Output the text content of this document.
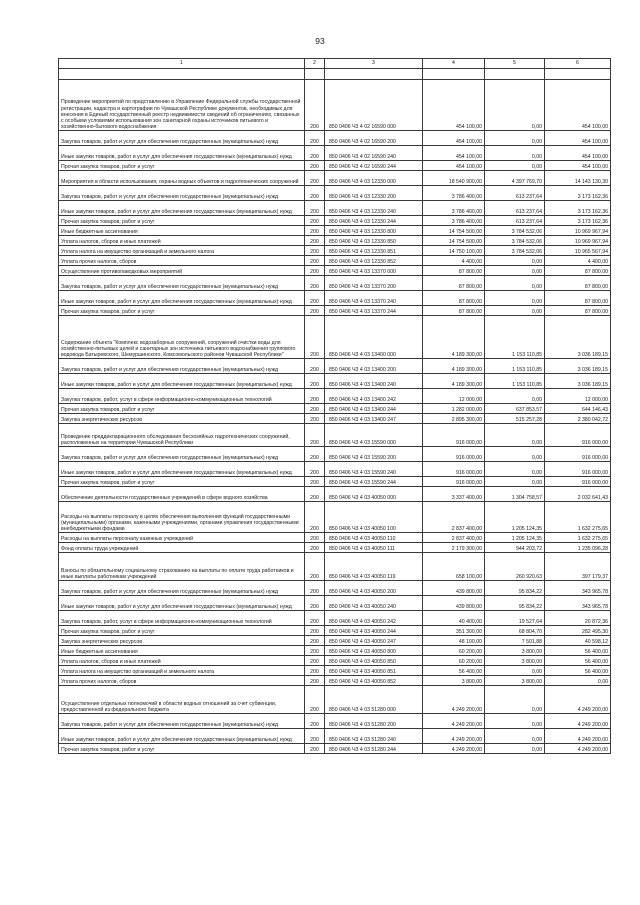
93
1	2	3	4	5	6

Проведение мероприятий по представлению в Управление Федеральной службы государственной регистрации, кадастра и картографии по Чувашской Республике документов, необходимых для внесения в Единый государственный реестр недвижимости сведений об ограничениях, связанных с особыми условиями использования зон санитарной охраны источников питьевого и хозяйственно-бытового водоснабжения	200	850 0406 Ч3 4 02 16590 000	454 100,00	0,00	454 100,00
Закупка товаров, работ и услуг для обеспечения государственных (муниципальных) нужд	200	850 0406 Ч3 4 02 16590 200	454 100,00	0,00	454 100,00
Иные закупки товаров, работ и услуг для обеспечения государственных (муниципальных) нужд	200	850 0406 Ч3 4 02 16590 240	454 100,00	0,00	454 100,00
Прочая закупка товаров, работ и услуг	200	850 0406 Ч3 4 02 16590 244	454 100,00	0,00	454 100,00
Мероприятия в области использования, охраны водных объектов и гидротехнических сооружений	200	850 0406 Ч3 4 03 12330 000	18 540 900,00	4 397 769,70	14 143 130,30
Закупка товаров, работ и услуг для обеспечения государственных (муниципальных) нужд	200	850 0406 Ч3 4 03 12330 200	3 786 400,00	613 237,64	3 173 162,36
Иные закупки товаров, работ и услуг для обеспечения государственных (муниципальных) нужд	200	850 0406 Ч3 4 03 12330 240	3 786 400,00	613 237,64	3 173 162,36
Прочая закупка товаров, работ и услуг	200	850 0406 Ч3 4 03 12330 244	3 786 400,00	613 237,64	3 173 162,36
Иные бюджетные ассигнования	200	850 0406 Ч3 4 03 12330 800	14 754 500,00	3 784 532,06	10 969 967,94
Уплата налогов, сборов и иных платежей	200	850 0406 Ч3 4 03 12330 850	14 754 500,00	3 784 532,06	10 969 967,94
Уплата налога на имущество организаций и земельного налога	200	850 0406 Ч3 4 03 12330 851	14 750 100,00	3 784 532,06	10 965 567,94
Уплата прочих налогов, сборов	200	850 0406 Ч3 4 03 12330 852	4 400,00	0,00	4 400,00
Осуществление противопаводковых мероприятий	200	850 0406 Ч3 4 03 13370 000	87 800,00	0,00	87 800,00
Закупка товаров, работ и услуг для обеспечения государственных (муниципальных) нужд	200	850 0406 Ч3 4 03 13370 200	87 800,00	0,00	87 800,00
Иные закупки товаров, работ и услуг для обеспечения государственных (муниципальных) нужд	200	850 0406 Ч3 4 03 13370 240	87 800,00	0,00	87 800,00
Прочая закупка товаров, работ и услуг	200	850 0406 Ч3 4 03 13370 244	87 800,00	0,00	87 800,00
Содержание объекта "Комплекс водозаборных сооружений, сооружений очистки воды для хозяйственно-питьевых целей и санитарных зон источника питьевого водоснабжения группового водовода Батыревского, Шемуршинского, Комсомольского районов Чувашской Республики"	200	850 0406 Ч3 4 03 13400 000	4 189 300,00	1 153 110,85	3 036 189,15
Закупка товаров, работ и услуг для обеспечения государственных (муниципальных) нужд	200	850 0406 Ч3 4 03 13400 200	4 189 300,00	1 153 110,85	3 036 189,15
Иные закупки товаров, работ и услуг для обеспечения государственных (муниципальных) нужд	200	850 0406 Ч3 4 03 13400 240	4 189 300,00	1 153 110,85	3 036 189,15
Закупка товаров, работ, услуг в сфере информационно-коммуникационных технологий	200	850 0406 Ч3 4 03 13400 242	12 000,00	0,00	12 000,00
Прочая закупка товаров, работ и услуг	200	850 0406 Ч3 4 03 13400 244	1 282 000,00	637 853,57	644 146,43
Закупка энергетических ресурсов	200	850 0406 Ч3 4 03 13400 247	2 895 300,00	515 257,28	2 380 042,72
Проведение преддекларационного обследования бесхозяйных гидротехнических сооружений, расположенных на территории Чувашской Республики	200	850 0406 Ч3 4 03 15590 000	916 000,00	0,00	916 000,00
Закупка товаров, работ и услуг для обеспечения государственных (муниципальных) нужд	200	850 0406 Ч3 4 03 15590 200	916 000,00	0,00	916 000,00
Иные закупки товаров, работ и услуг для обеспечения государственных (муниципальных) нужд	200	850 0406 Ч3 4 03 15590 240	916 000,00	0,00	916 000,00
Прочая закупка товаров, работ и услуг	200	850 0406 Ч3 4 03 15590 244	916 000,00	0,00	916 000,00
Обеспечение деятельности государственных учреждений в сфере водного хозяйства	200	850 0406 Ч3 4 03 40050 000	3 337 400,00	1 304 758,57	2 032 641,43
Расходы на выплаты персоналу в целях обеспечения выполнения функций государственными (муниципальными) органами, казенными учреждениями, органами управления государственными внебюджетными фондами	200	850 0406 Ч3 4 03 40050 100	2 837 400,00	1 205 124,35	1 632 275,65
Расходы на выплаты персоналу казенных учреждений	200	850 0406 Ч3 4 03 40050 110	2 837 400,00	1 205 124,35	1 632 275,65
Фонд оплаты труда учреждений	200	850 0406 Ч3 4 03 40050 111	2 179 300,00	944 203,72	1 235 096,28
Взносы по обязательному социальному страхованию на выплаты по оплате труда работников и иные выплаты работникам учреждений	200	850 0406 Ч3 4 03 40050 119	658 100,00	260 920,63	397 179,37
Закупка товаров, работ и услуг для обеспечения государственных (муниципальных) нужд	200	850 0406 Ч3 4 03 40050 200	439 800,00	95 834,22	343 965,78
Иные закупки товаров, работ и услуг для обеспечения государственных (муниципальных) нужд	200	850 0406 Ч3 4 03 40050 240	439 800,00	95 834,22	343 965,78
Закупка товаров, работ, услуг в сфере информационно-коммуникационных технологий	200	850 0406 Ч3 4 03 40050 242	40 400,00	19 527,64	20 872,36
Прочая закупка товаров, работ и услуг	200	850 0406 Ч3 4 03 40050 244	351 300,00	68 804,70	282 495,30
Закупка энергетических ресурсов	200	850 0406 Ч3 4 03 40050 247	48 100,00	7 501,88	40 598,12
Иные бюджетные ассигнования	200	850 0406 Ч3 4 03 40050 800	60 200,00	3 800,00	56 400,00
Уплата налогов, сборов и иных платежей	200	850 0406 Ч3 4 03 40050 850	60 200,00	3 800,00	56 400,00
Уплата налога на имущество организаций и земельного налога	200	850 0406 Ч3 4 03 40050 851	56 400,00	0,00	56 400,00
Уплата прочих налогов, сборов	200	850 0406 Ч3 4 03 40050 852	3 800,00	3 800,00	0,00
Осуществление отдельных полномочий в области водных отношений за счет субвенции, предоставленной из федерального бюджета	200	850 0406 Ч3 4 03 51280 000	4 249 200,00	0,00	4 249 200,00
Закупка товаров, работ и услуг для обеспечения государственных (муниципальных) нужд	200	850 0406 Ч3 4 03 51280 200	4 249 200,00	0,00	4 249 200,00
Иные закупки товаров, работ и услуг для обеспечения государственных (муниципальных) нужд	200	850 0406 Ч3 4 03 51280 240	4 249 200,00	0,00	4 249 200,00
Прочая закупка товаров, работ и услуг	200	850 0406 Ч3 4 03 51280 244	4 249 200,00	0,00	4 249 200,00
